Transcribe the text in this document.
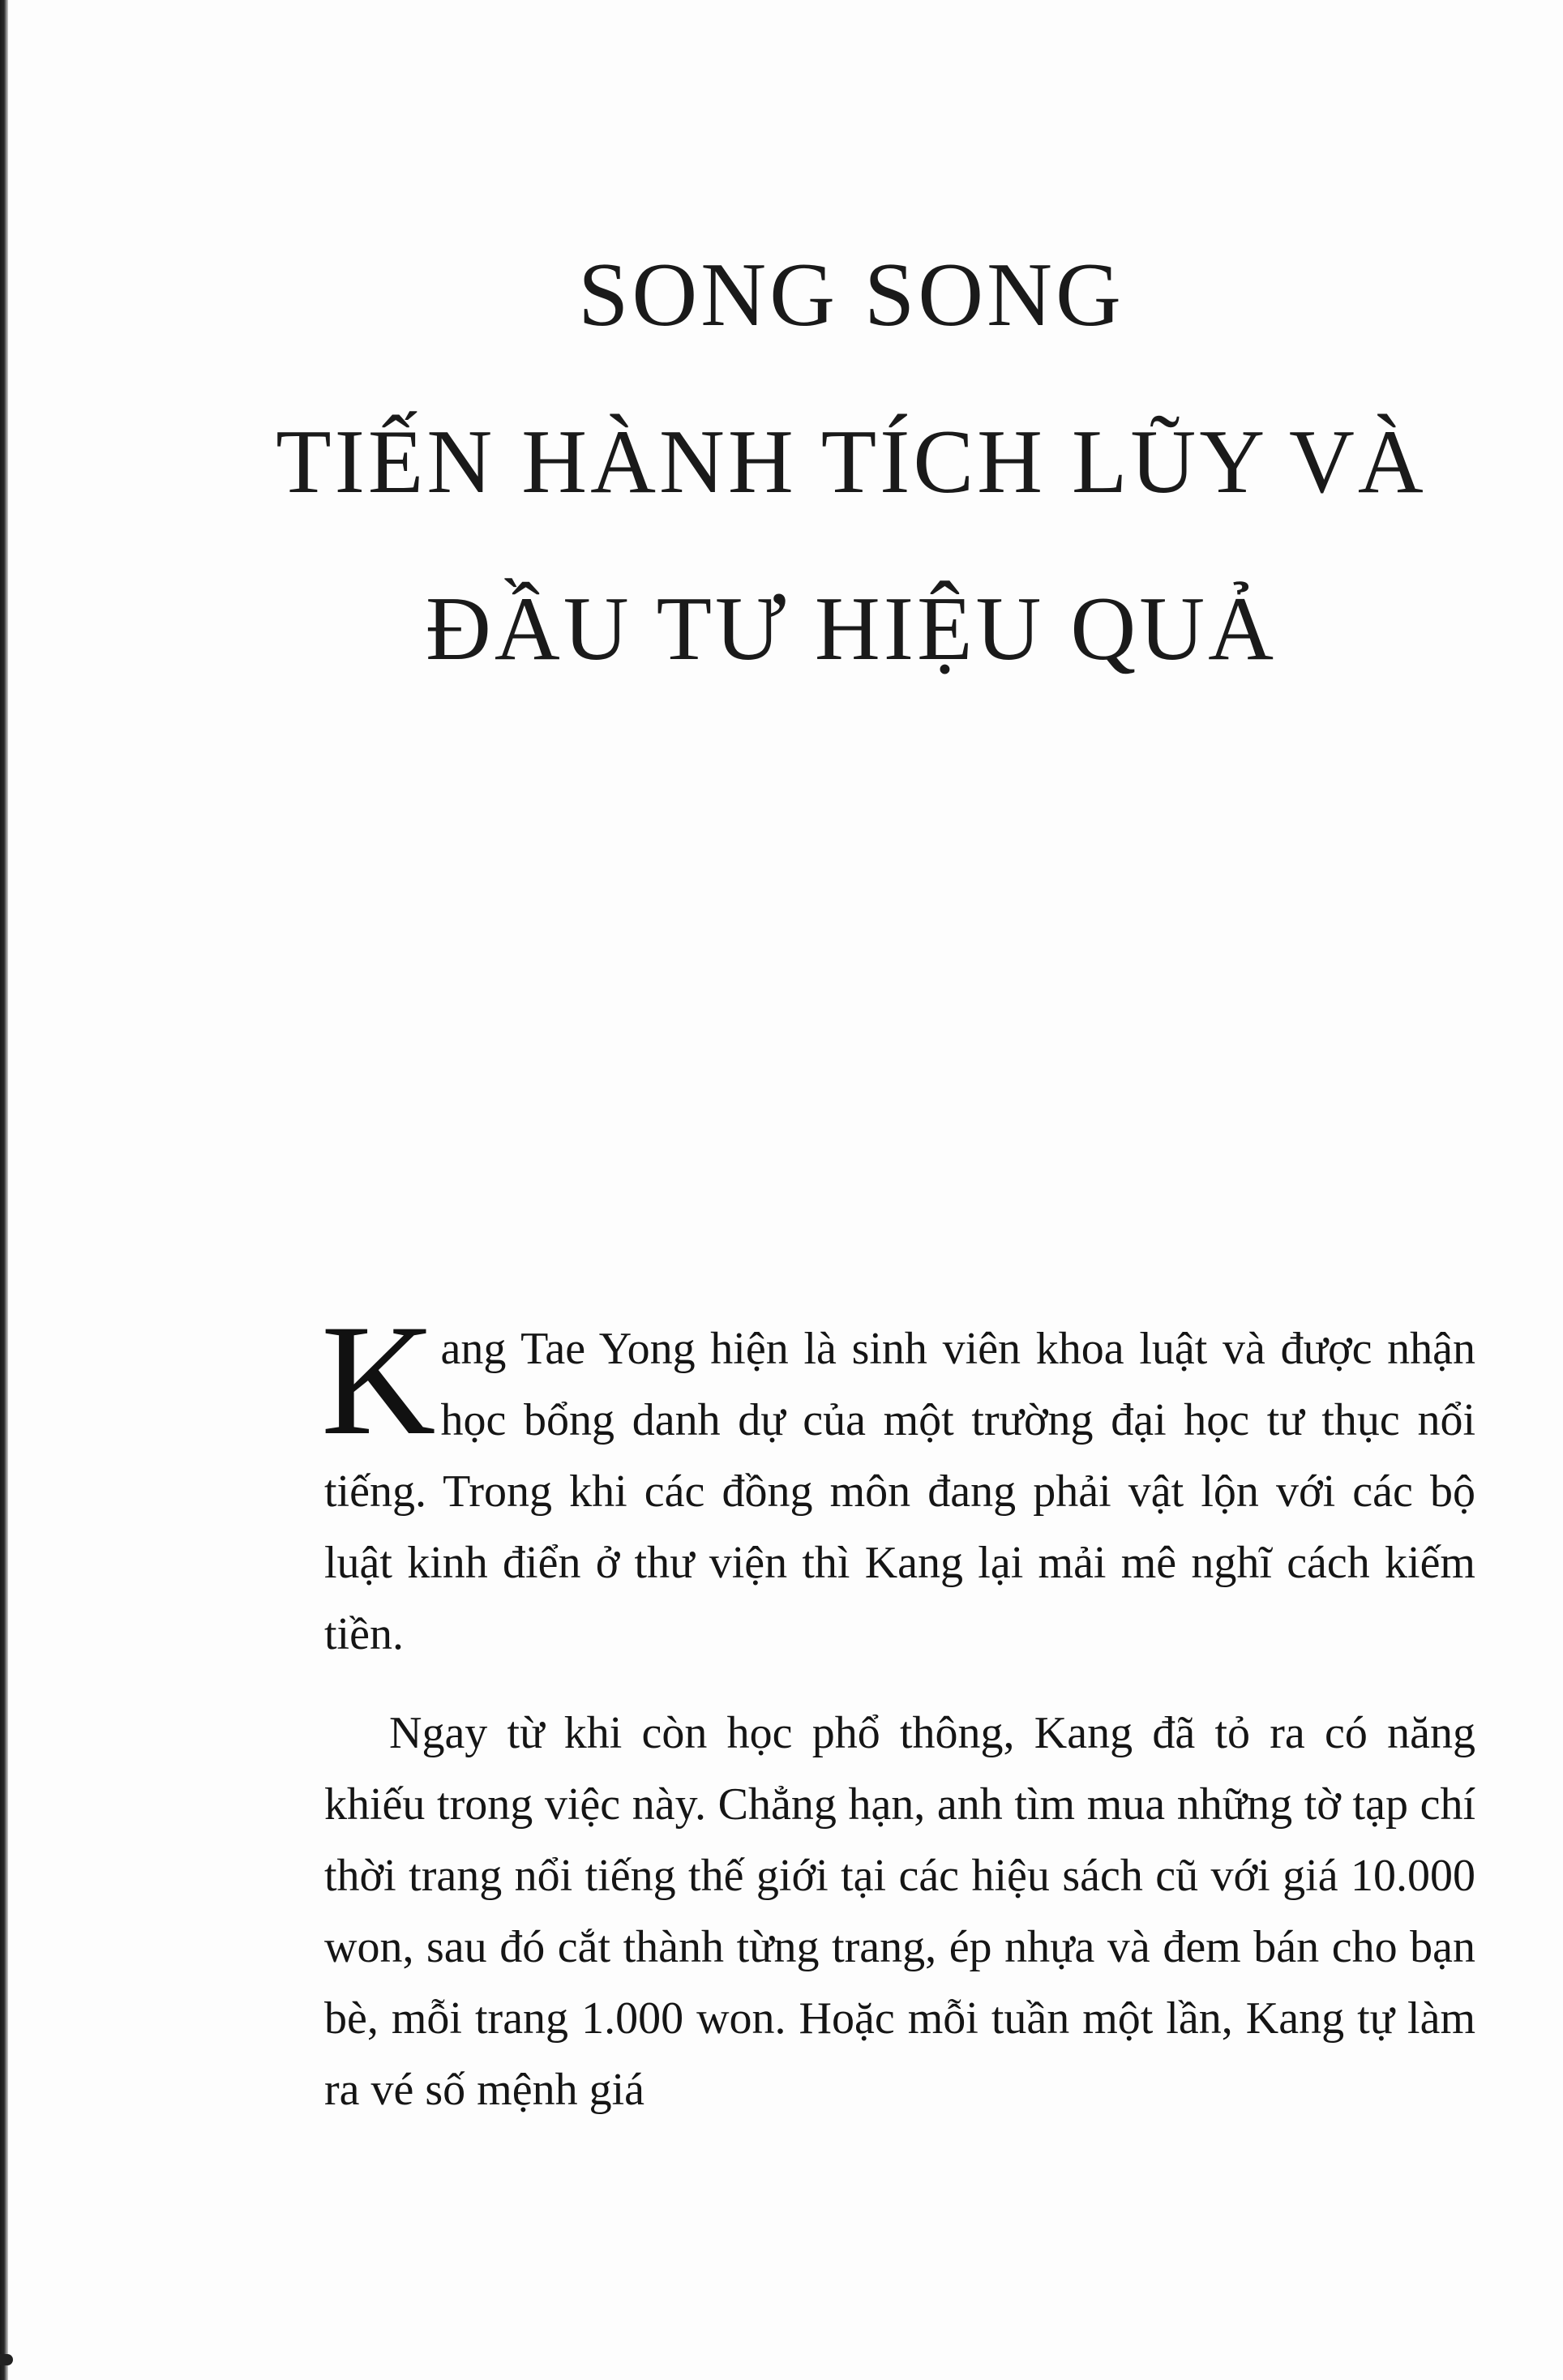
SONG SONG
TIẾN HÀNH TÍCH LŨY VÀ
ĐẦU TƯ HIỆU QUẢ

Kang Tae Yong hiện là sinh viên khoa luật và được nhận học bổng danh dự của một trường đại học tư thục nổi tiếng. Trong khi các đồng môn đang phải vật lộn với các bộ luật kinh điển ở thư viện thì Kang lại mải mê nghĩ cách kiếm tiền.

Ngay từ khi còn học phổ thông, Kang đã tỏ ra có năng khiếu trong việc này. Chẳng hạn, anh tìm mua những tờ tạp chí thời trang nổi tiếng thế giới tại các hiệu sách cũ với giá 10.000 won, sau đó cắt thành từng trang, ép nhựa và đem bán cho bạn bè, mỗi trang 1.000 won. Hoặc mỗi tuần một lần, Kang tự làm ra vé số mệnh giá
